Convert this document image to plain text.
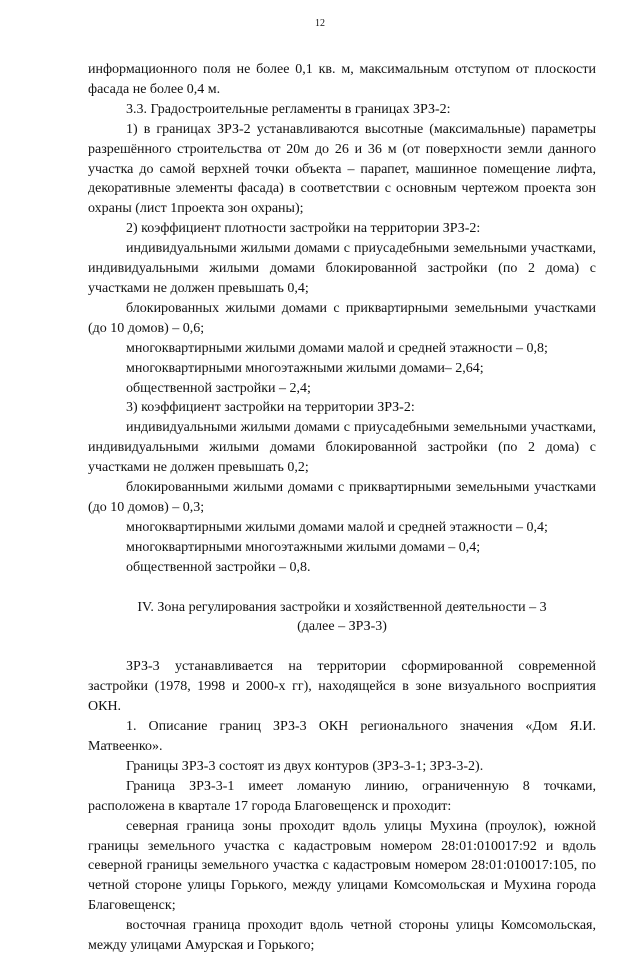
12

информационного поля не более 0,1 кв. м, максимальным отступом от плоскости фасада не более 0,4 м.

3.3. Градостроительные регламенты в границах ЗРЗ-2:

1) в границах ЗРЗ-2 устанавливаются высотные (максимальные) параметры разрешённого строительства от 20м до 26 и 36 м (от поверхности земли данного участка до самой верхней точки объекта – парапет, машинное помещение лифта, декоративные элементы фасада) в соответствии с основным чертежом проекта зон охраны (лист 1проекта зон охраны);

2) коэффициент плотности застройки на территории ЗРЗ-2:

индивидуальными жилыми домами с приусадебными земельными участками, индивидуальными жилыми домами блокированной застройки (по 2 дома) с участками не должен превышать 0,4;

блокированных жилыми домами с приквартирными земельными участками (до 10 домов) – 0,6;

многоквартирными жилыми домами малой и средней этажности – 0,8;

многоквартирными многоэтажными жилыми домами– 2,64;

общественной застройки – 2,4;

3) коэффициент застройки на территории ЗРЗ-2:

индивидуальными жилыми домами с приусадебными земельными участками, индивидуальными жилыми домами блокированной застройки (по 2 дома) с участками не должен превышать 0,2;

блокированными жилыми домами с приквартирными земельными участками (до 10 домов) – 0,3;

многоквартирными жилыми домами малой и средней этажности – 0,4;

многоквартирными многоэтажными жилыми домами – 0,4;

общественной застройки – 0,8.

IV. Зона регулирования застройки и хозяйственной деятельности – 3

(далее – ЗРЗ-3)

ЗРЗ-3 устанавливается на территории сформированной современной застройки (1978, 1998 и 2000-х гг), находящейся в зоне визуального восприятия ОКН.

1. Описание границ ЗРЗ-3 ОКН регионального значения «Дом Я.И. Матвеенко».

Границы ЗРЗ-3 состоят из двух контуров (ЗРЗ-3-1; ЗРЗ-3-2).

Граница ЗРЗ-3-1 имеет ломаную линию, ограниченную 8 точками, расположена в квартале 17 города Благовещенск и проходит:

северная граница зоны проходит вдоль улицы Мухина (проулок), южной границы земельного участка с кадастровым номером 28:01:010017:92 и вдоль северной границы земельного участка с кадастровым номером 28:01:010017:105, по четной стороне улицы Горького, между улицами Комсомольская и Мухина города Благовещенск;

восточная граница проходит вдоль четной стороны улицы Комсомольская, между улицами Амурская и Горького;
